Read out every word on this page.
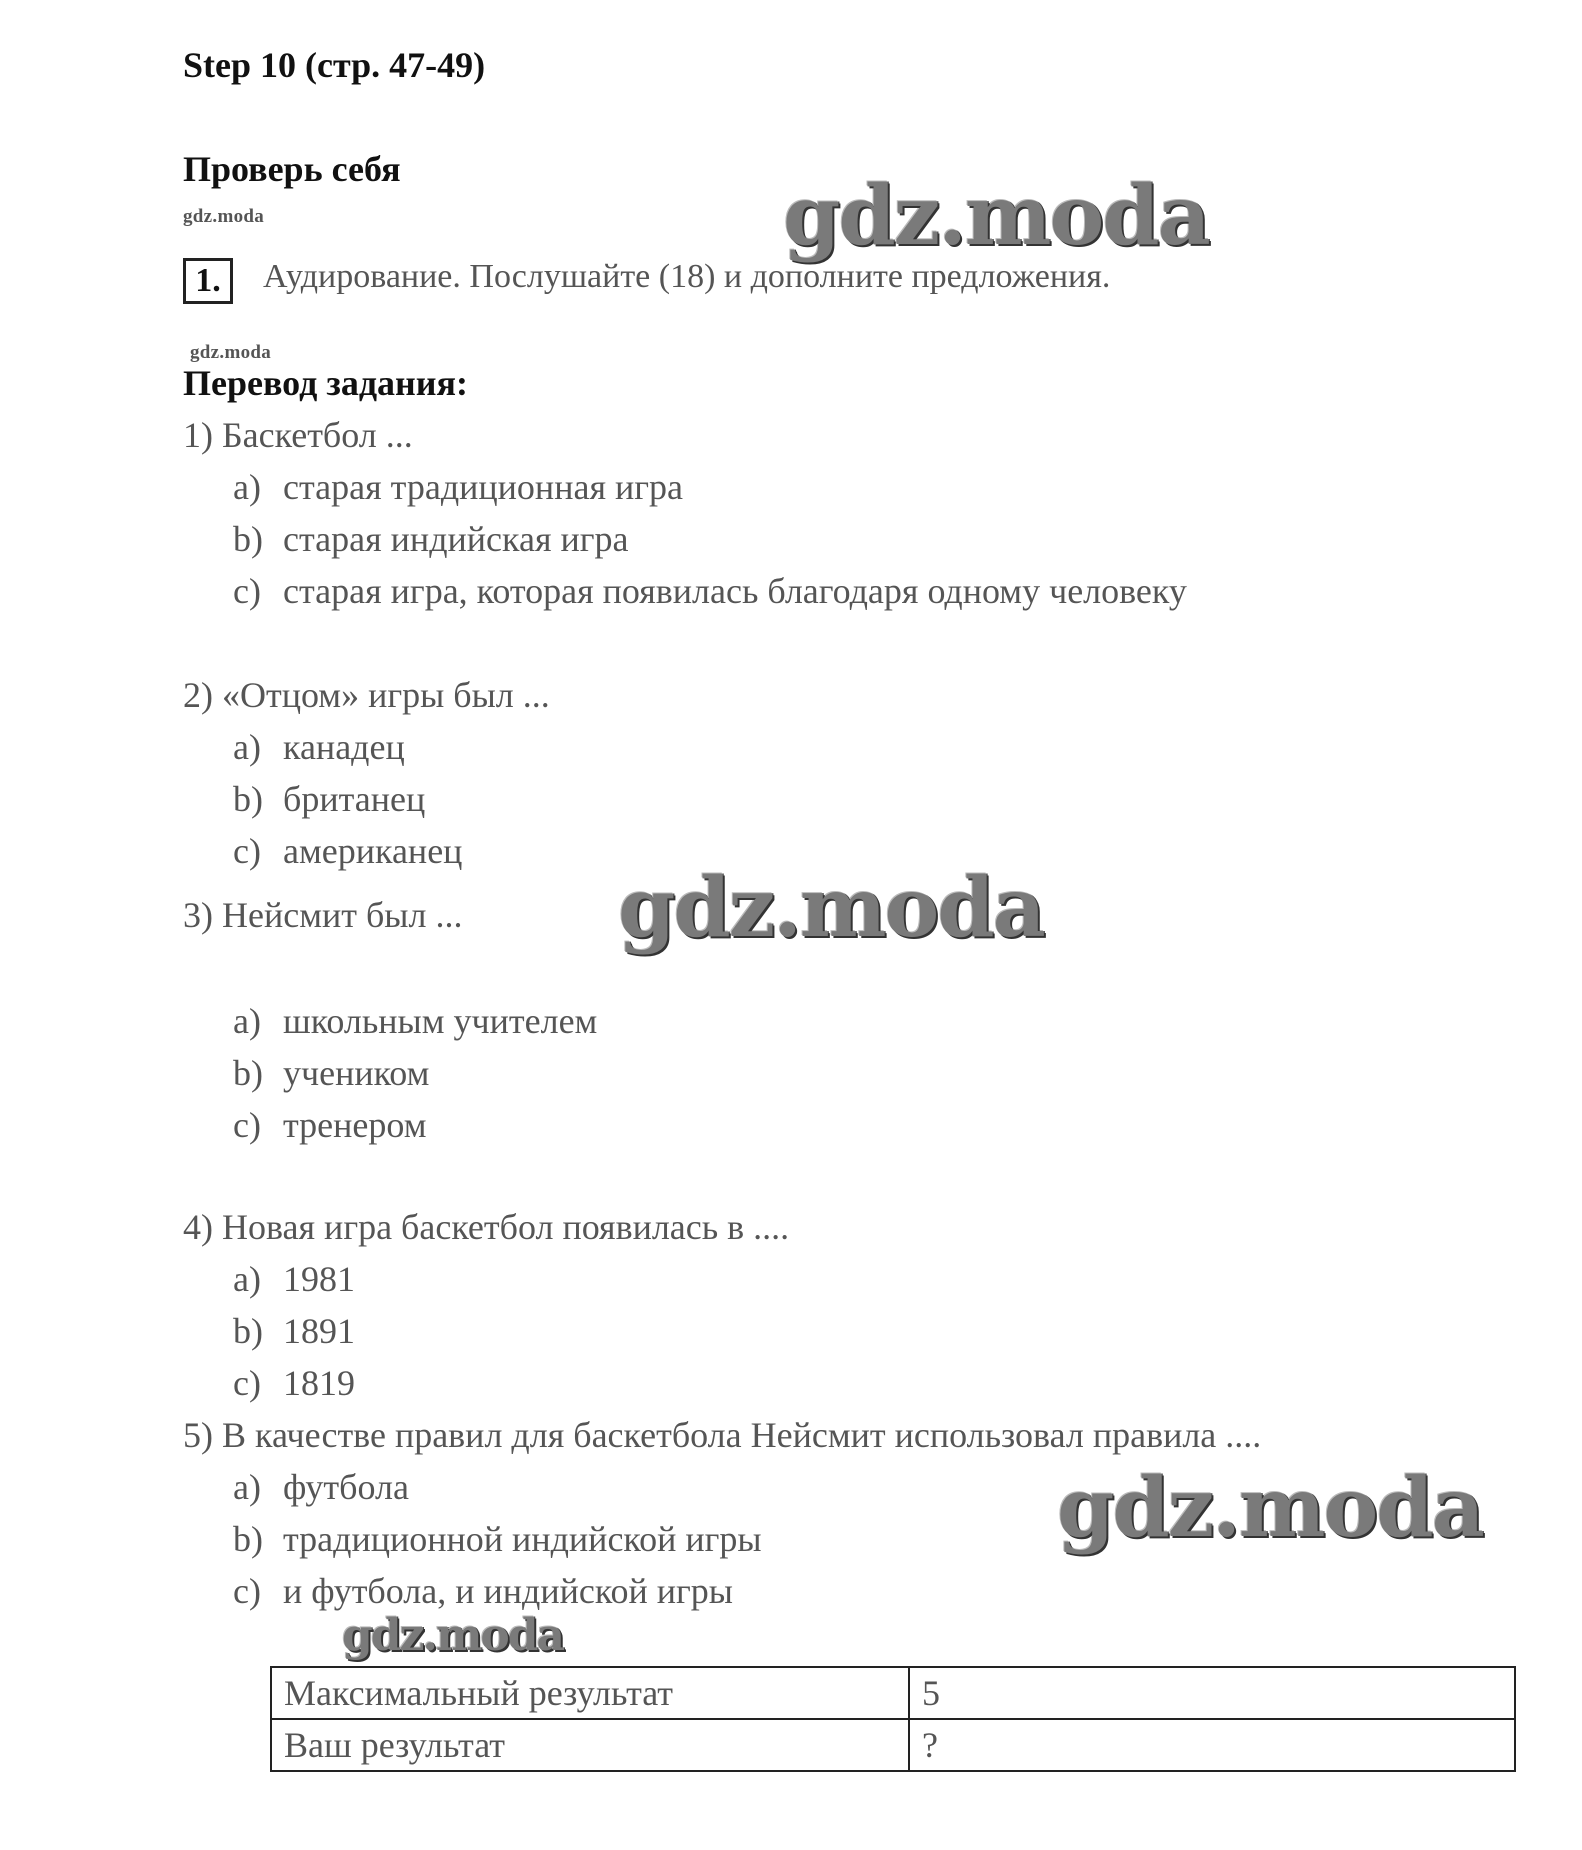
Step 10 (стр. 47-49)
Проверь себя
gdz.moda	gdz.moda
gdz.moda
1.	Аудирование. Послушайте (18) и дополните предложения.
Перевод задания:
1) Баскетбол ...
a) старая традиционная игра
b) старая индийская игра
c) старая игра, которая появилась благодаря одному человеку
2) «Отцом» игры был ...
a) канадец
b) британец
c) американец
3) Нейсмит был ... gdz.moda
a) школьным учителем
b) учеником
c) тренером
4) Новая игра баскетбол появилась в ....
a) 1981
b) 1891
c) 1819
5) В качестве правил для баскетбола Нейсмит использовал правила ....
a) футбола	gdz.moda
b) традиционной индийской игры
c) и футбола, и индийской игры
gdz.moda
Максимальный результат	5
Ваш результат	?
